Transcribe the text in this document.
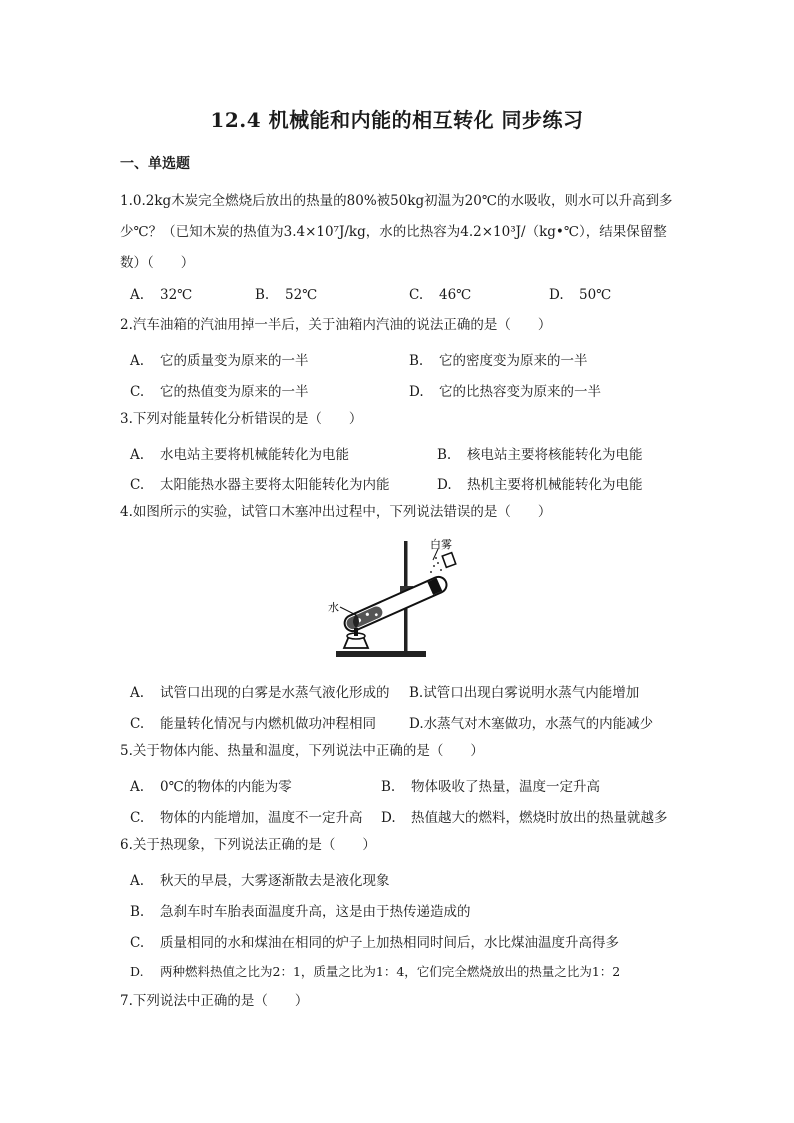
12.4 机械能和内能的相互转化 同步练习
一、单选题
1.0.2kg木炭完全燃烧后放出的热量的80%被50kg初温为20℃的水吸收，则水可以升高到多少℃？（已知木炭的热值为3.4×10⁷J/kg，水的比热容为4.2×10³J/（kg•℃），结果保留整数）（　　）
A. 32℃	B. 52℃	C. 46℃	D. 50℃
2.汽车油箱的汽油用掉一半后，关于油箱内汽油的说法正确的是（　　）
A. 它的质量变为原来的一半	B. 它的密度变为原来的一半
C. 它的热值变为原来的一半	D. 它的比热容变为原来的一半
3.下列对能量转化分析错误的是（　　）
A. 水电站主要将机械能转化为电能	B. 核电站主要将核能转化为电能
C. 太阳能热水器主要将太阳能转化为内能	D. 热机主要将机械能转化为电能
4.如图所示的实验，试管口木塞冲出过程中，下列说法错误的是（　　）
白雾
水
A. 试管口出现的白雾是水蒸气液化形成的 B.试管口出现白雾说明水蒸气内能增加
C. 能量转化情况与内燃机做功冲程相同 D.水蒸气对木塞做功，水蒸气的内能减少
5.关于物体内能、热量和温度，下列说法中正确的是（　　）
A. 0℃的物体的内能为零	B. 物体吸收了热量，温度一定升高
C. 物体的内能增加，温度不一定升高 D. 热值越大的燃料，燃烧时放出的热量就越多
6.关于热现象，下列说法正确的是（　　）
A. 秋天的早晨，大雾逐渐散去是液化现象
B. 急刹车时车胎表面温度升高，这是由于热传递造成的
C. 质量相同的水和煤油在相同的炉子上加热相同时间后，水比煤油温度升高得多
D. 两种燃料热值之比为2：1，质量之比为1：4，它们完全燃烧放出的热量之比为1：2
7.下列说法中正确的是（　　）
